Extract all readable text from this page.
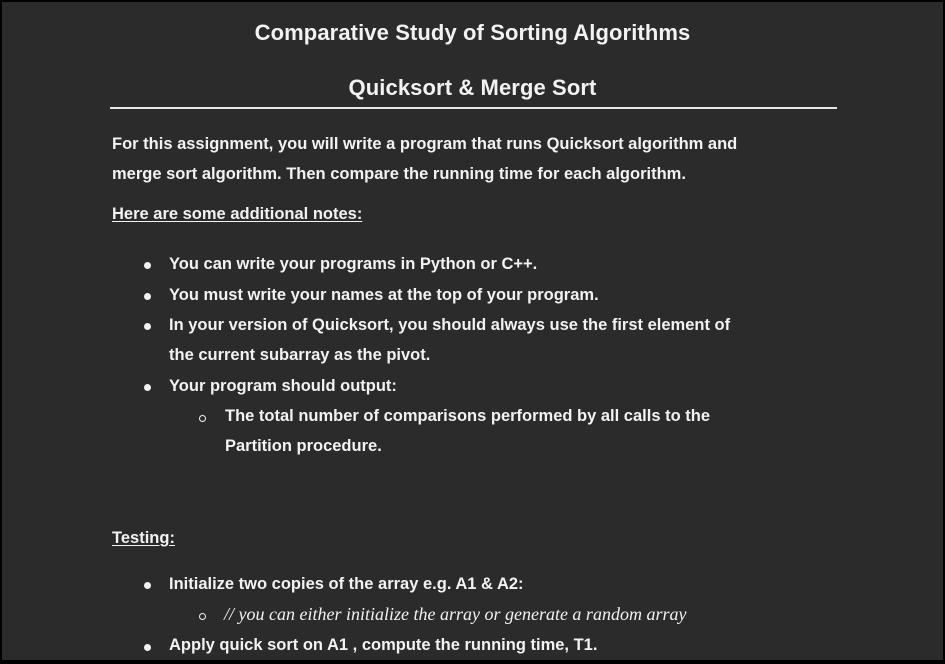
Comparative Study of Sorting Algorithms
Quicksort & Merge Sort
For this assignment, you will write a program that runs Quicksort algorithm and
merge sort algorithm. Then compare the running time for each algorithm.
Here are some additional notes:
You can write your programs in Python or C++.
You must write your names at the top of your program.
In your version of Quicksort, you should always use the first element of
the current subarray as the pivot.
Your program should output:
The total number of comparisons performed by all calls to the
Partition procedure.
Testing:
Initialize two copies of the array e.g. A1 & A2:
// you can either initialize the array or generate a random array
Apply quick sort on A1 , compute the running time, T1.
